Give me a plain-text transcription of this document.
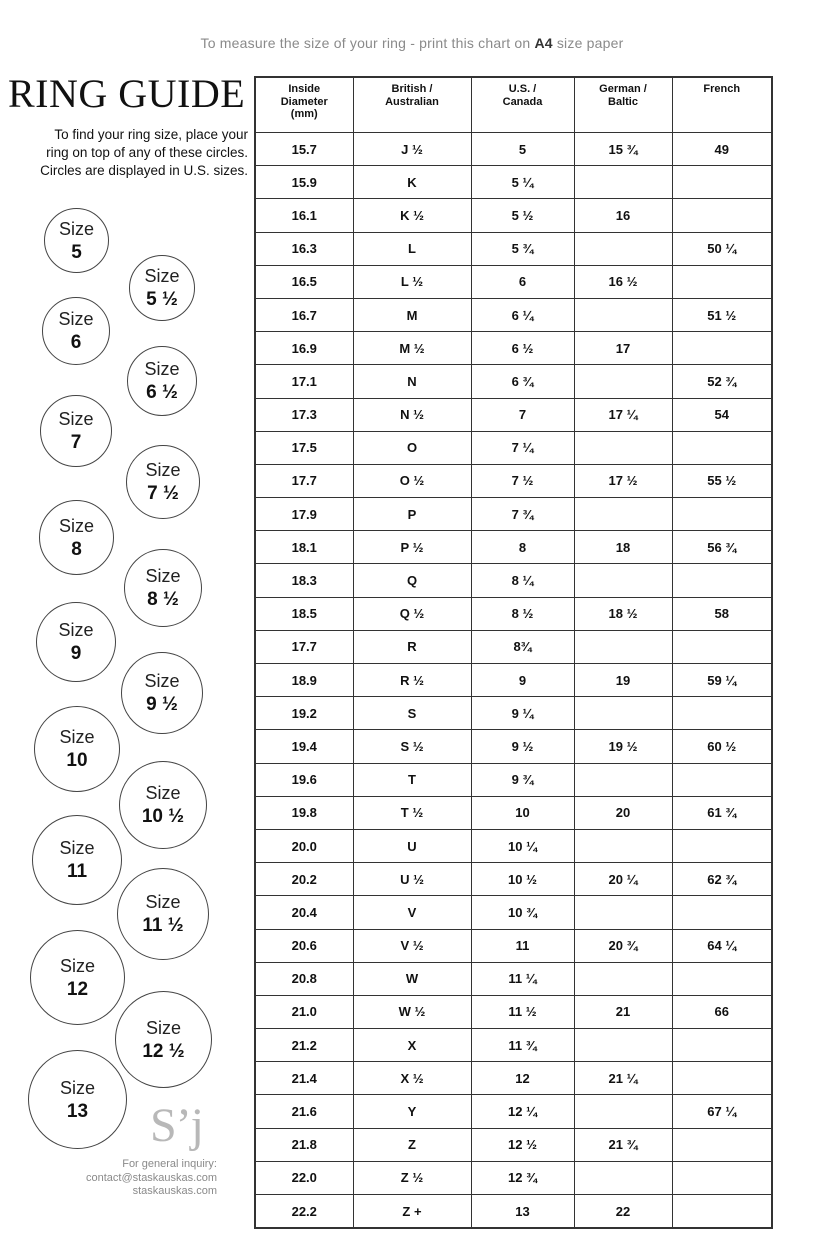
To measure the size of your ring - print this chart on A4 size paper
RING GUIDE
To find your ring size, place your
ring on top of any of these circles.
Circles are displayed in U.S. sizes.
Size
5
Size
5 ½
Size
6
Size
6 ½
Size
7
Size
7 ½
Size
8
Size
8 ½
Size
9
Size
9 ½
Size
10
Size
10 ½
Size
11
Size
11 ½
Size
12
Size
12 ½
Size
13 S’j
For general inquiry:
contact@staskauskas.com
staskauskas.com
Inside
Diameter
(mm)	British /
Australian	U.S. /
Canada	German /
Baltic	French
15.7	J ½	5	15 ¾	49
15.9	K	5 ¼		
16.1	K ½	5 ½	16	
16.3	L	5 ¾		50 ¼
16.5	L ½	6	16 ½	
16.7	M	6 ¼		51 ½
16.9	M ½	6 ½	17	
17.1	N	6 ¾		52 ¾
17.3	N ½	7	17 ¼	54
17.5	O	7 ¼		
17.7	O ½	7 ½	17 ½	55 ½
17.9	P	7 ¾		
18.1	P ½	8	18	56 ¾
18.3	Q	8 ¼		
18.5	Q ½	8 ½	18 ½	58
17.7	R	8¾		
18.9	R ½	9	19	59 ¼
19.2	S	9 ¼		
19.4	S ½	9 ½	19 ½	60 ½
19.6	T	9 ¾		
19.8	T ½	10	20	61 ¾
20.0	U	10 ¼		
20.2	U ½	10 ½	20 ¼	62 ¾
20.4	V	10 ¾		
20.6	V ½	11	20 ¾	64 ¼
20.8	W	11 ¼		
21.0	W ½	11 ½	21	66
21.2	X	11 ¾		
21.4	X ½	12	21 ¼	
21.6	Y	12 ¼		67 ¼
21.8	Z	12 ½	21 ¾	
22.0	Z ½	12 ¾		
22.2	Z +	13	22	
